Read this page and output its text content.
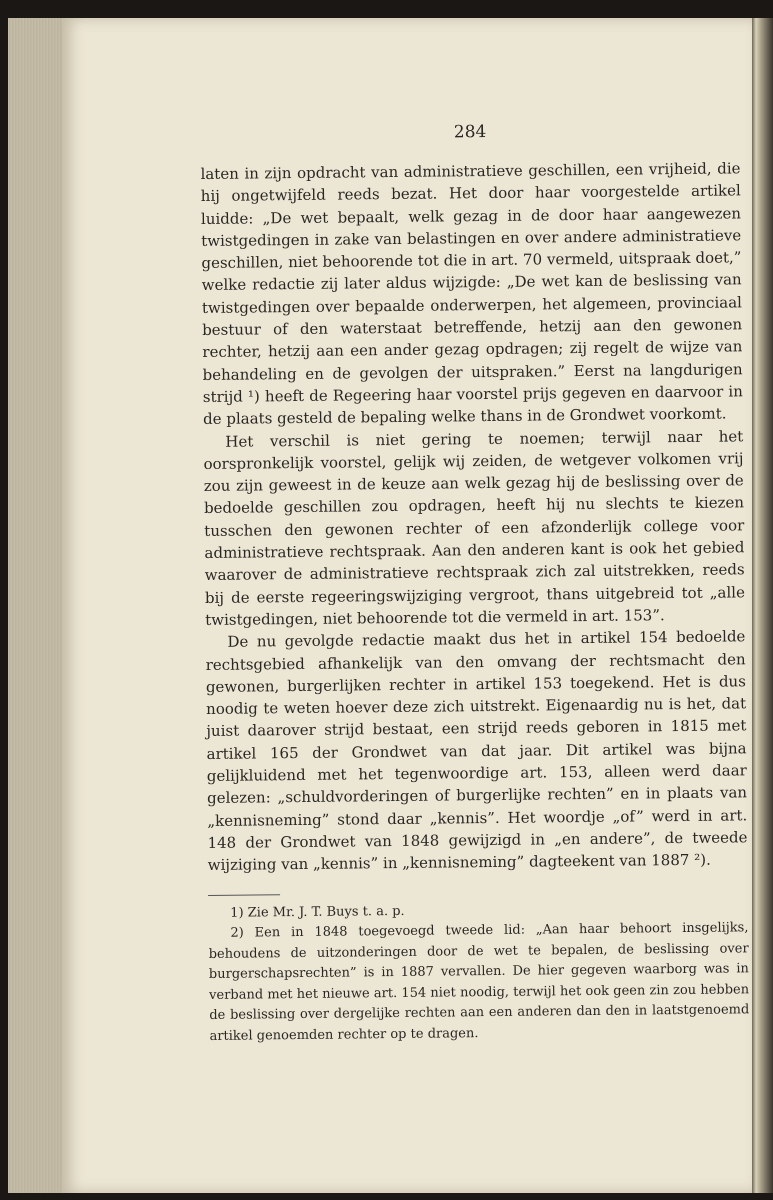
284

laten in zijn opdracht van administratieve geschillen, een vrijheid, die hij ongetwijfeld reeds bezat. Het door haar voorgestelde artikel luidde: „De wet bepaalt, welk gezag in de door haar aangewezen twistgedingen in zake van belastingen en over andere administratieve geschillen, niet behoorende tot die in art. 70 vermeld, uitspraak doet,” welke redactie zij later aldus wijzigde: „De wet kan de beslissing van twistgedingen over bepaalde onderwerpen, het algemeen, provinciaal bestuur of den waterstaat betreffende, hetzij aan den gewonen rechter, hetzij aan een ander gezag opdragen; zij regelt de wijze van behandeling en de gevolgen der uitspraken.” Eerst na langdurigen strijd ¹) heeft de Regeering haar voorstel prijs gegeven en daarvoor in de plaats gesteld de bepaling welke thans in de Grondwet voorkomt.

Het verschil is niet gering te noemen; terwijl naar het oorspronkelijk voorstel, gelijk wij zeiden, de wetgever volkomen vrij zou zijn geweest in de keuze aan welk gezag hij de beslissing over de bedoelde geschillen zou opdragen, heeft hij nu slechts te kiezen tusschen den gewonen rechter of een afzonderlijk college voor administratieve rechtspraak. Aan den anderen kant is ook het gebied waarover de administratieve rechtspraak zich zal uitstrekken, reeds bij de eerste regeeringswijziging vergroot, thans uitgebreid tot „alle twistgedingen, niet behoorende tot die vermeld in art. 153”.

De nu gevolgde redactie maakt dus het in artikel 154 bedoelde rechtsgebied afhankelijk van den omvang der rechtsmacht den gewonen, burgerlijken rechter in artikel 153 toegekend. Het is dus noodig te weten hoever deze zich uitstrekt. Eigenaardig nu is het, dat juist daarover strijd bestaat, een strijd reeds geboren in 1815 met artikel 165 der Grondwet van dat jaar. Dit artikel was bijna gelijkluidend met het tegenwoordige art. 153, alleen werd daar gelezen: „schuldvorderingen of burgerlijke rechten” en in plaats van „kennisneming” stond daar „kennis”. Het woordje „of” werd in art. 148 der Grondwet van 1848 gewijzigd in „en andere”, de tweede wijziging van „kennis” in „kennisneming” dagteekent van 1887 ²).

1) Zie Mr. J. T. Buys t. a. p.

2) Een in 1848 toegevoegd tweede lid: „Aan haar behoort insgelijks, behoudens de uitzonderingen door de wet te bepalen, de beslissing over burgerschapsrechten” is in 1887 vervallen. De hier gegeven waarborg was in verband met het nieuwe art. 154 niet noodig, terwijl het ook geen zin zou hebben de beslissing over dergelijke rechten aan een anderen dan den in laatstgenoemd artikel genoemden rechter op te dragen.
